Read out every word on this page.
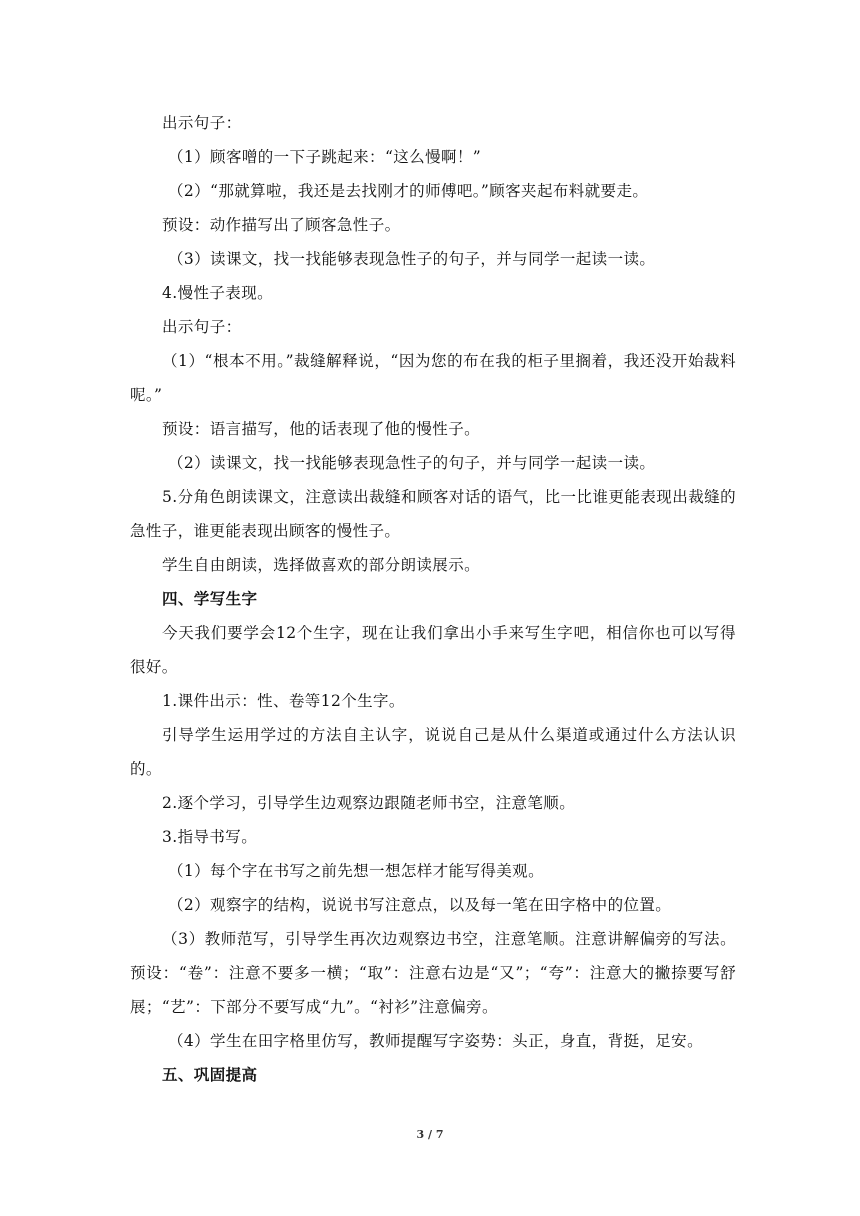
出示句子：

（1）顾客噌的一下子跳起来：“这么慢啊！”

（2）“那就算啦，我还是去找刚才的师傅吧。”顾客夹起布料就要走。

预设：动作描写出了顾客急性子。

（3）读课文，找一找能够表现急性子的句子，并与同学一起读一读。

4.慢性子表现。

出示句子：

（1）“根本不用。”裁缝解释说，“因为您的布在我的柜子里搁着，我还没开始裁料呢。”

预设：语言描写，他的话表现了他的慢性子。

（2）读课文，找一找能够表现急性子的句子，并与同学一起读一读。

5.分角色朗读课文，注意读出裁缝和顾客对话的语气，比一比谁更能表现出裁缝的急性子，谁更能表现出顾客的慢性子。

学生自由朗读，选择做喜欢的部分朗读展示。

四、学写生字

今天我们要学会12个生字，现在让我们拿出小手来写生字吧，相信你也可以写得很好。

1.课件出示：性、卷等12个生字。

引导学生运用学过的方法自主认字，说说自己是从什么渠道或通过什么方法认识的。

2.逐个学习，引导学生边观察边跟随老师书空，注意笔顺。

3.指导书写。

（1）每个字在书写之前先想一想怎样才能写得美观。

（2）观察字的结构，说说书写注意点，以及每一笔在田字格中的位置。

（3）教师范写，引导学生再次边观察边书空，注意笔顺。注意讲解偏旁的写法。 预设：“卷”：注意不要多一横；“取”：注意右边是“又”；“夸”：注意大的撇捺要写舒展；“艺”：下部分不要写成“九”。“衬衫”注意偏旁。

（4）学生在田字格里仿写，教师提醒写字姿势：头正，身直，背挺，足安。

五、巩固提高

3 / 7
